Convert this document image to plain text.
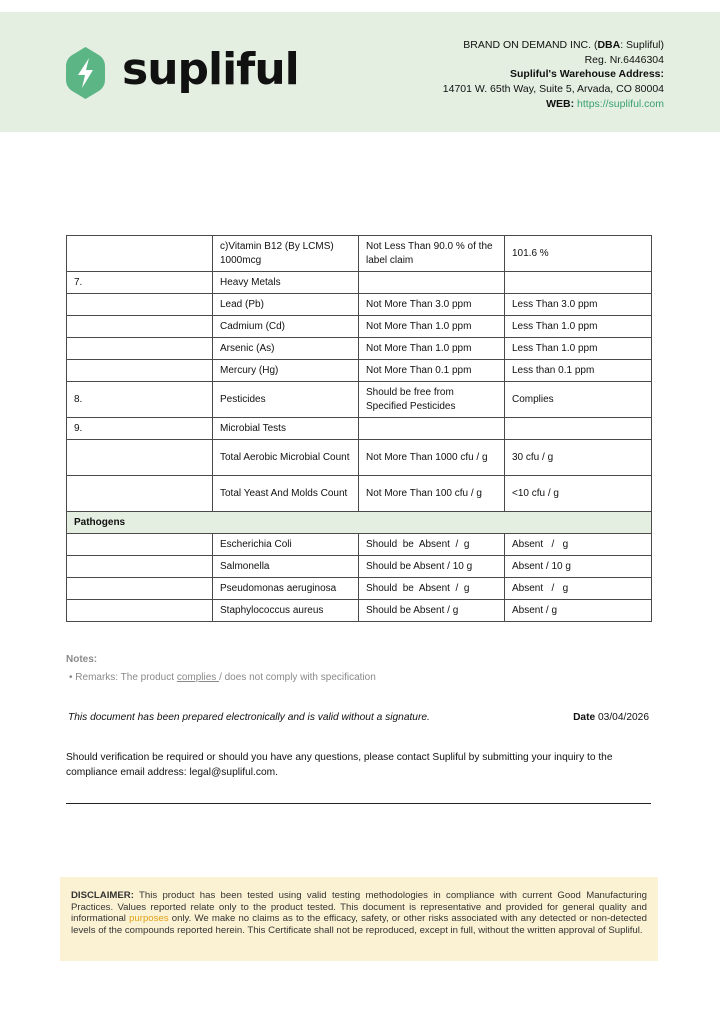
supliful	BRAND ON DEMAND INC. (DBA: Supliful)
Reg. Nr.6446304
Supliful's Warehouse Address:
14701 W. 65th Way, Suite 5, Arvada, CO 80004
WEB: https://supliful.com
	c)Vitamin B12 (By LCMS) 1000mcg	Not Less Than 90.0 % of the label claim	101.6 %
7.	Heavy Metals		
	Lead (Pb)	Not More Than 3.0 ppm	Less Than 3.0 ppm
	Cadmium (Cd)	Not More Than 1.0 ppm	Less Than 1.0 ppm
	Arsenic (As)	Not More Than 1.0 ppm	Less Than 1.0 ppm
	Mercury (Hg)	Not More Than 0.1 ppm	Less than 0.1 ppm
8.	Pesticides	Should be free from Specified Pesticides	Complies
9.	Microbial Tests		
	Total Aerobic Microbial Count	Not More Than 1000 cfu / g	30 cfu / g
	Total Yeast And Molds Count	Not More Than 100 cfu / g	<10 cfu / g
Pathogens			
	Escherichia Coli	Should  be  Absent  /  g	Absent   /   g
	Salmonella	Should be Absent / 10 g	Absent / 10 g
	Pseudomonas aeruginosa	Should  be  Absent  /  g	Absent   /   g
	Staphylococcus aureus	Should be Absent / g	Absent / g
Notes:
• Remarks: The product complies / does not comply with specification
This document has been prepared electronically and is valid without a signature.	Date 03/04/2026
Should verification be required or should you have any questions, please contact Supliful by submitting your inquiry to the compliance email address: legal@supliful.com.
DISCLAIMER: This product has been tested using valid testing methodologies in compliance with current Good Manufacturing Practices. Values reported relate only to the product tested. This document is representative and provided for general quality and informational purposes only. We make no claims as to the efficacy, safety, or other risks associated with any detected or non-detected levels of the compounds reported herein. This Certificate shall not be reproduced, except in full, without the written approval of Supliful.
